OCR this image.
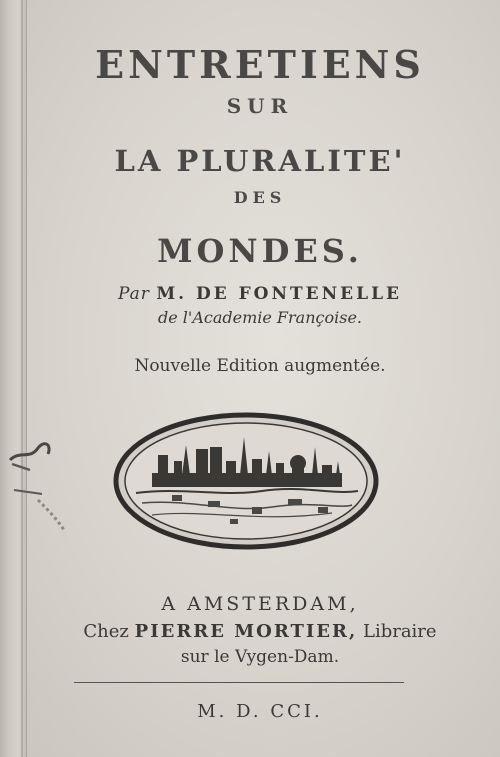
ENTRETIENS
SUR
LA PLURALITE'
DES
MONDES.
Par M. DE FONTENELLE
de l'Academie Françoise.
Nouvelle Edition augmentée.
A AMSTERDAM,
Chez PIERRE MORTIER, Libraire
sur le Vygen-Dam.
M. D. CCI.
